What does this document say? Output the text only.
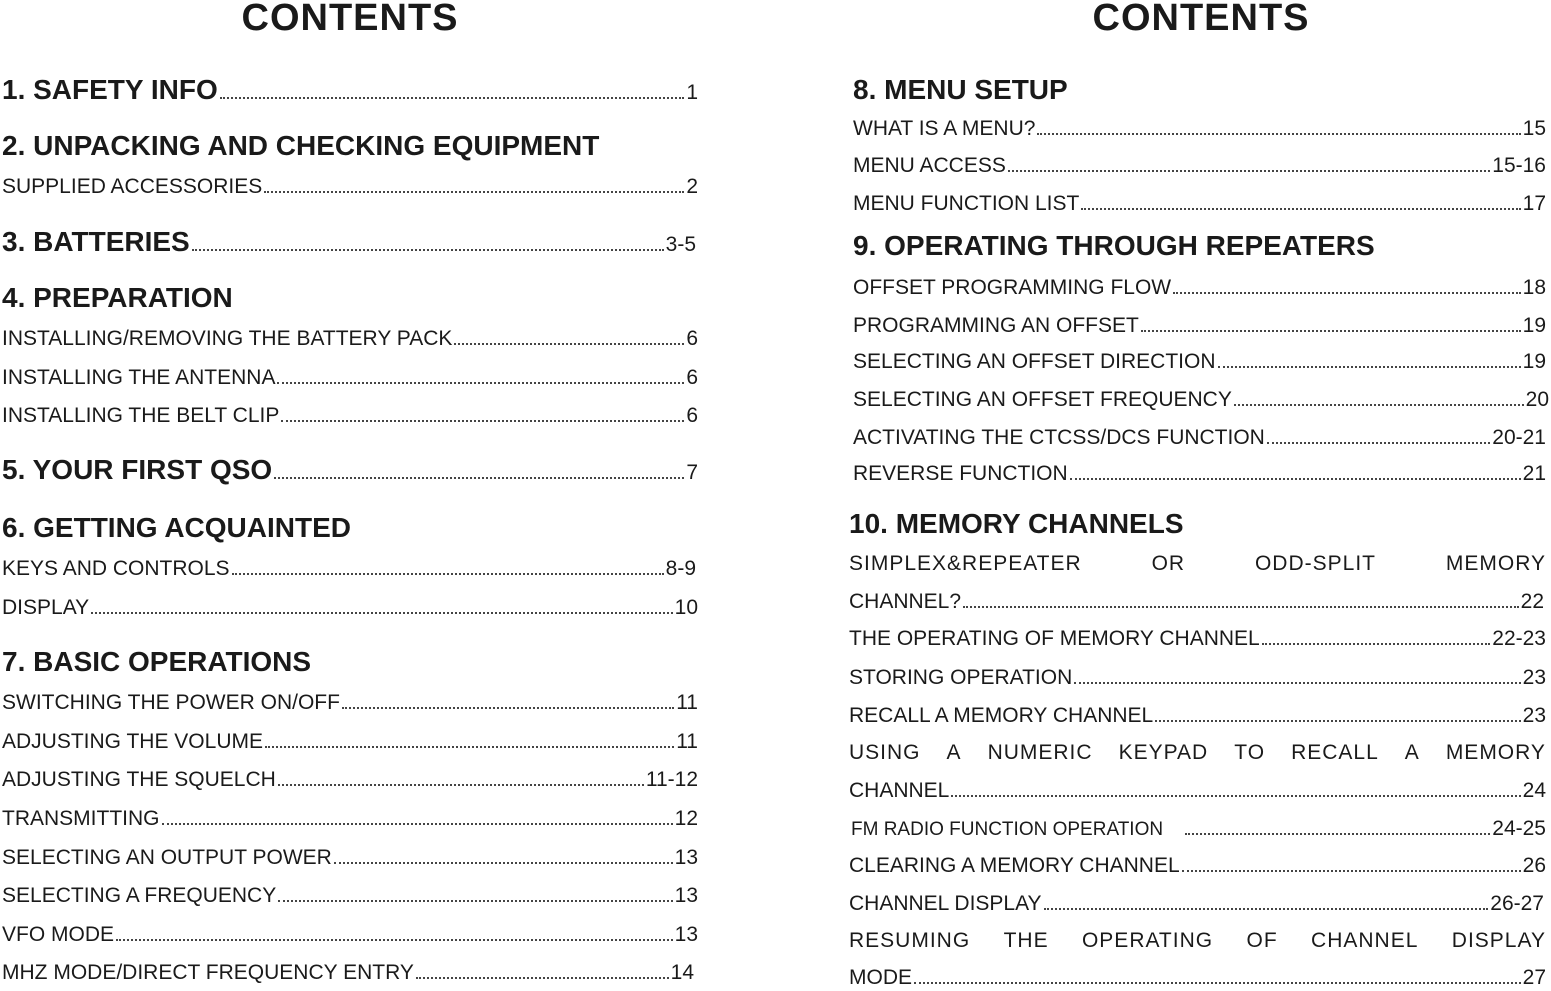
CONTENTS	CONTENTS
1. SAFETY INFO	1
2. UNPACKING AND CHECKING EQUIPMENT
SUPPLIED ACCESSORIES	2
3. BATTERIES	3-5
4. PREPARATION
INSTALLING/REMOVING THE BATTERY PACK	6
INSTALLING THE ANTENNA	6
INSTALLING THE BELT CLIP	6
5. YOUR FIRST QSO	7
6. GETTING ACQUAINTED
KEYS AND CONTROLS	8-9
DISPLAY	10
7. BASIC OPERATIONS
SWITCHING THE POWER ON/OFF	11
ADJUSTING THE VOLUME	11
ADJUSTING THE SQUELCH	11-12
TRANSMITTING	12
SELECTING AN OUTPUT POWER	13
SELECTING A FREQUENCY	13
VFO MODE	13
MHZ MODE/DIRECT FREQUENCY ENTRY	14
8. MENU SETUP
WHAT IS A MENU?	15
MENU ACCESS	15-16
MENU FUNCTION LIST	17
9. OPERATING THROUGH REPEATERS
OFFSET PROGRAMMING FLOW	18
PROGRAMMING AN OFFSET	19
SELECTING AN OFFSET DIRECTION	19
SELECTING AN OFFSET FREQUENCY	20
ACTIVATING THE CTCSS/DCS FUNCTION	20-21
REVERSE FUNCTION	21
10. MEMORY CHANNELS
SIMPLEX&REPEATER	OR	ODD-SPLIT	MEMORY
CHANNEL?	22
THE OPERATING OF MEMORY CHANNEL	22-23
STORING OPERATION	23
RECALL A MEMORY CHANNEL	23
USING A NUMERIC KEYPAD TO RECALL A MEMORY
CHANNEL	24
FM RADIO FUNCTION OPERATION	24-25
CLEARING A MEMORY CHANNEL	26
CHANNEL DISPLAY	26-27
RESUMING THE OPERATING OF CHANNEL DISPLAY
MODE	27
